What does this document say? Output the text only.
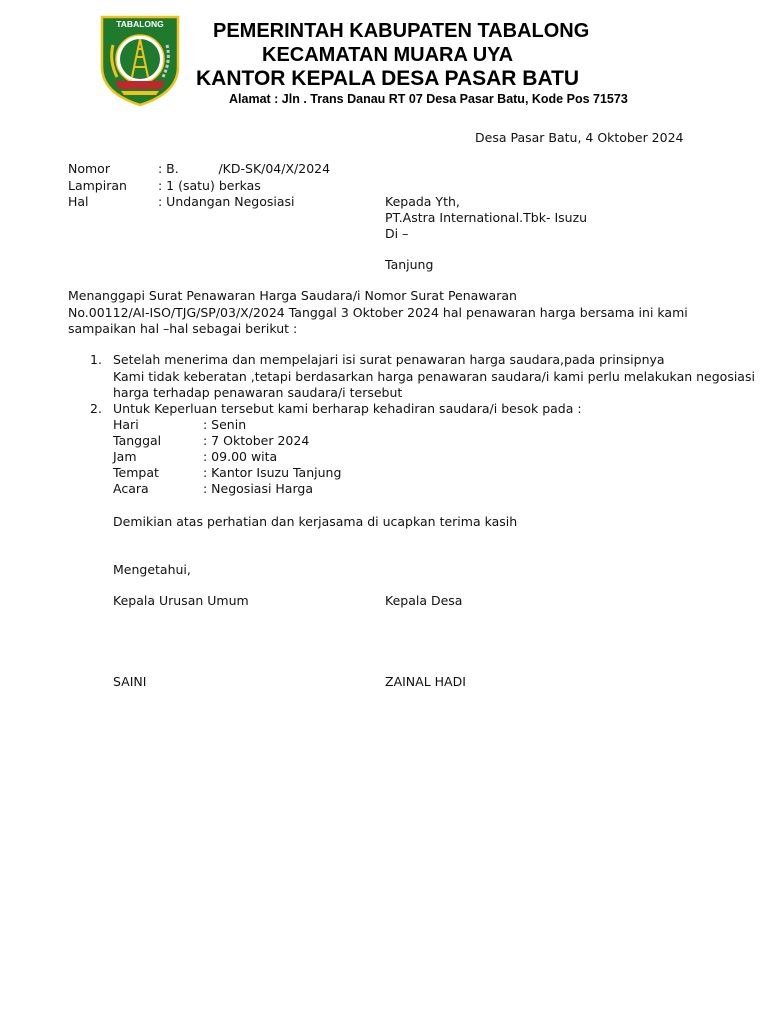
TABALONG PEMERINTAH KABUPATEN TABALONG
KECAMATAN MUARA UYA
KANTOR KEPALA DESA PASAR BATU
Alamat : Jln . Trans Danau RT 07 Desa Pasar Batu, Kode Pos 71573
Desa Pasar Batu, 4 Oktober 2024
Nomor	: B.          /KD-SK/04/X/2024
Lampiran : 1 (satu) berkas
Hal	: Undangan Negosiasi	Kepada Yth,
PT.Astra International.Tbk- Isuzu
Di –
Tanjung
Menanggapi Surat Penawaran Harga Saudara/i Nomor Surat Penawaran
No.00112/AI-ISO/TJG/SP/03/X/2024 Tanggal 3 Oktober 2024 hal penawaran harga bersama ini kami
sampaikan hal –hal sebagai berikut :
1. Setelah menerima dan mempelajari isi surat penawaran harga saudara,pada prinsipnya
Kami tidak keberatan ,tetapi berdasarkan harga penawaran saudara/i kami perlu melakukan negosiasi
harga terhadap penawaran saudara/i tersebut
2. Untuk Keperluan tersebut kami berharap kehadiran saudara/i besok pada :
Hari	: Senin
Tanggal	: 7 Oktober 2024
Jam	: 09.00 wita
Tempat	: Kantor Isuzu Tanjung
Acara	: Negosiasi Harga
Demikian atas perhatian dan kerjasama di ucapkan terima kasih
Mengetahui,
Kepala Urusan Umum	Kepala Desa
SAINI	ZAINAL HADI
